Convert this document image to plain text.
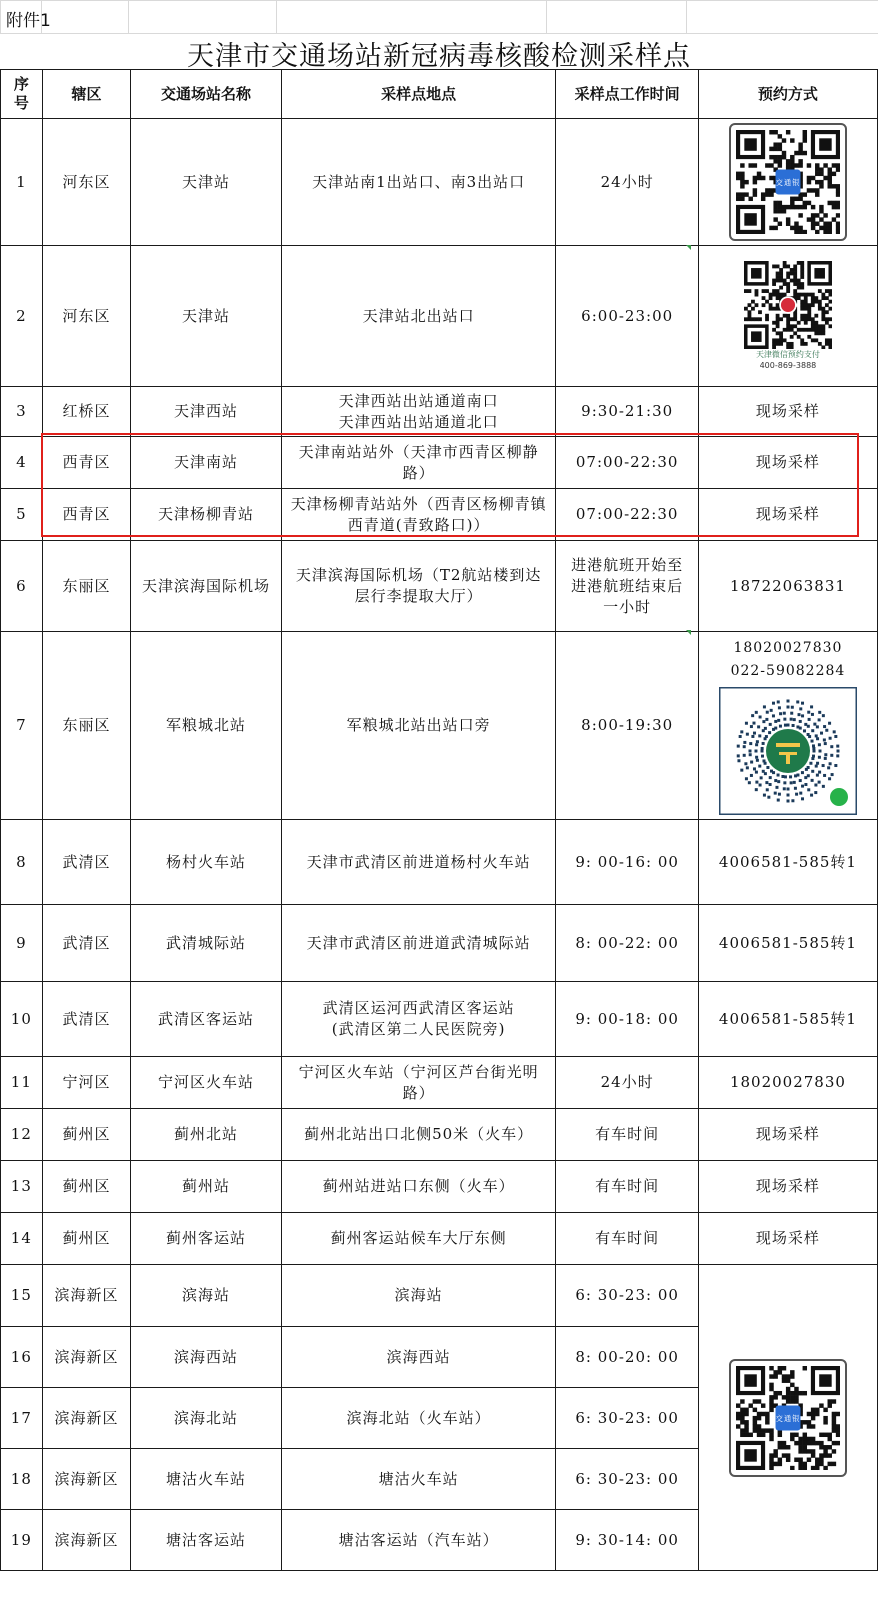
附件1
天津市交通场站新冠病毒核酸检测采样点
序号	辖区	交通场站名称	采样点地点	采样点工作时间	预约方式
1	河东区	天津站	天津站南1出站口、南3出站口	24小时	交通银

2	河东区	天津站	天津站北出站口	6:00-23:00	天津微信预约支付
400-869-3888

3	红桥区	天津西站	天津西站出站通道南口
天津西站出站通道北口	9:30-21:30	现场采样
4	西青区	天津南站	天津南站站外（天津市西青区柳静路）	07:00-22:30	现场采样
5	西青区	天津杨柳青站	天津杨柳青站站外（西青区杨柳青镇西青道(青致路口)）	07:00-22:30	现场采样
6	东丽区	天津滨海国际机场	天津滨海国际机场（T2航站楼到达层行李提取大厅）	进港航班开始至进港航班结束后一小时	18722063831
7	东丽区	军粮城北站	军粮城北站出站口旁	8:00-19:30	18020027830
022-59082284

8	武清区	杨村火车站	天津市武清区前进道杨村火车站	9: 00-16: 00	4006581-585转1
9	武清区	武清城际站	天津市武清区前进道武清城际站	8: 00-22: 00	4006581-585转1
10	武清区	武清区客运站	武清区运河西武清区客运站
(武清区第二人民医院旁)	9: 00-18: 00	4006581-585转1
11	宁河区	宁河区火车站	宁河区火车站（宁河区芦台街光明路）	24小时	18020027830
12	蓟州区	蓟州北站	蓟州北站出口北侧50米（火车）	有车时间	现场采样
13	蓟州区	蓟州站	蓟州站进站口东侧（火车）	有车时间	现场采样
14	蓟州区	蓟州客运站	蓟州客运站候车大厅东侧	有车时间	现场采样
15	滨海新区	滨海站	滨海站	6: 30-23: 00	交通银

16	滨海新区	滨海西站	滨海西站	8: 00-20: 00	
17	滨海新区	滨海北站	滨海北站（火车站）	6: 30-23: 00	
18	滨海新区	塘沽火车站	塘沽火车站	6: 30-23: 00	
19	滨海新区	塘沽客运站	塘沽客运站（汽车站）	9: 30-14: 00	
